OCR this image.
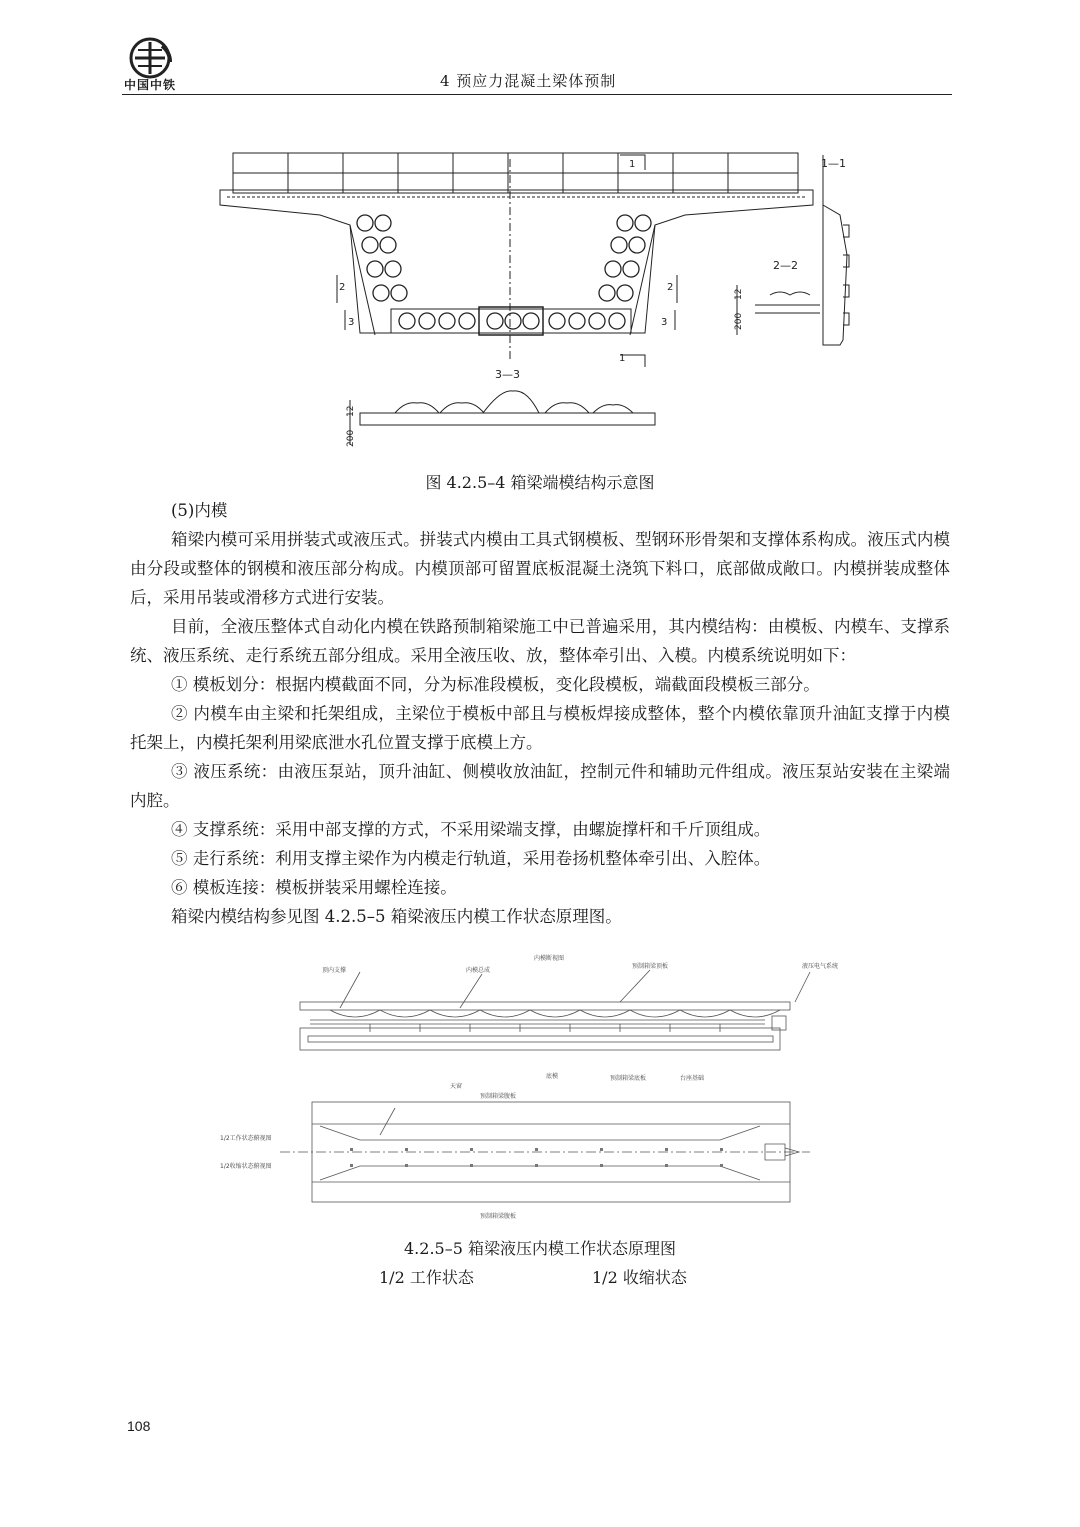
中国中铁	4 预应力混凝土梁体预制
1
1
2	2
3	3
1—1
2—2
12
200
3—3
12
200
图 4.2.5–4 箱梁端模结构示意图

(5)内模

箱梁内模可采用拼装式或液压式。拼装式内模由工具式钢模板、型钢环形骨架和支撑体系构成。液压式内模由分段或整体的钢模和液压部分构成。内模顶部可留置底板混凝土浇筑下料口，底部做成敞口。内模拼装成整体后，采用吊装或滑移方式进行安装。

目前，全液压整体式自动化内模在铁路预制箱梁施工中已普遍采用，其内模结构：由模板、内模车、支撑系统、液压系统、走行系统五部分组成。采用全液压收、放，整体牵引出、入模。内模系统说明如下：

① 模板划分：根据内模截面不同，分为标准段模板，变化段模板，端截面段模板三部分。

② 内模车由主梁和托架组成，主梁位于模板中部且与模板焊接成整体，整个内模依靠顶升油缸支撑于内模托架上，内模托架利用梁底泄水孔位置支撑于底模上方。

③ 液压系统：由液压泵站，顶升油缸、侧模收放油缸，控制元件和辅助元件组成。液压泵站安装在主梁端内腔。

④ 支撑系统：采用中部支撑的方式，不采用梁端支撑，由螺旋撑杆和千斤顶组成。

⑤ 走行系统：利用支撑主梁作为内模走行轨道，采用卷扬机整体牵引出、入腔体。

⑥ 模板连接：模板拼装采用螺栓连接。

箱梁内模结构参见图 4.2.5–5 箱梁液压内模工作状态原理图。

内模断视图
顶内支撑	内模总成
预制箱梁顶板	液压电气系统
底模	预制箱梁底板	台座基础
天窗
预制箱梁腹板
1/2工作状态俯视图
1/2收缩状态俯视图
预制箱梁腹板
4.2.5–5 箱梁液压内模工作状态原理图
1/2 工作状态	1/2 收缩状态
108
